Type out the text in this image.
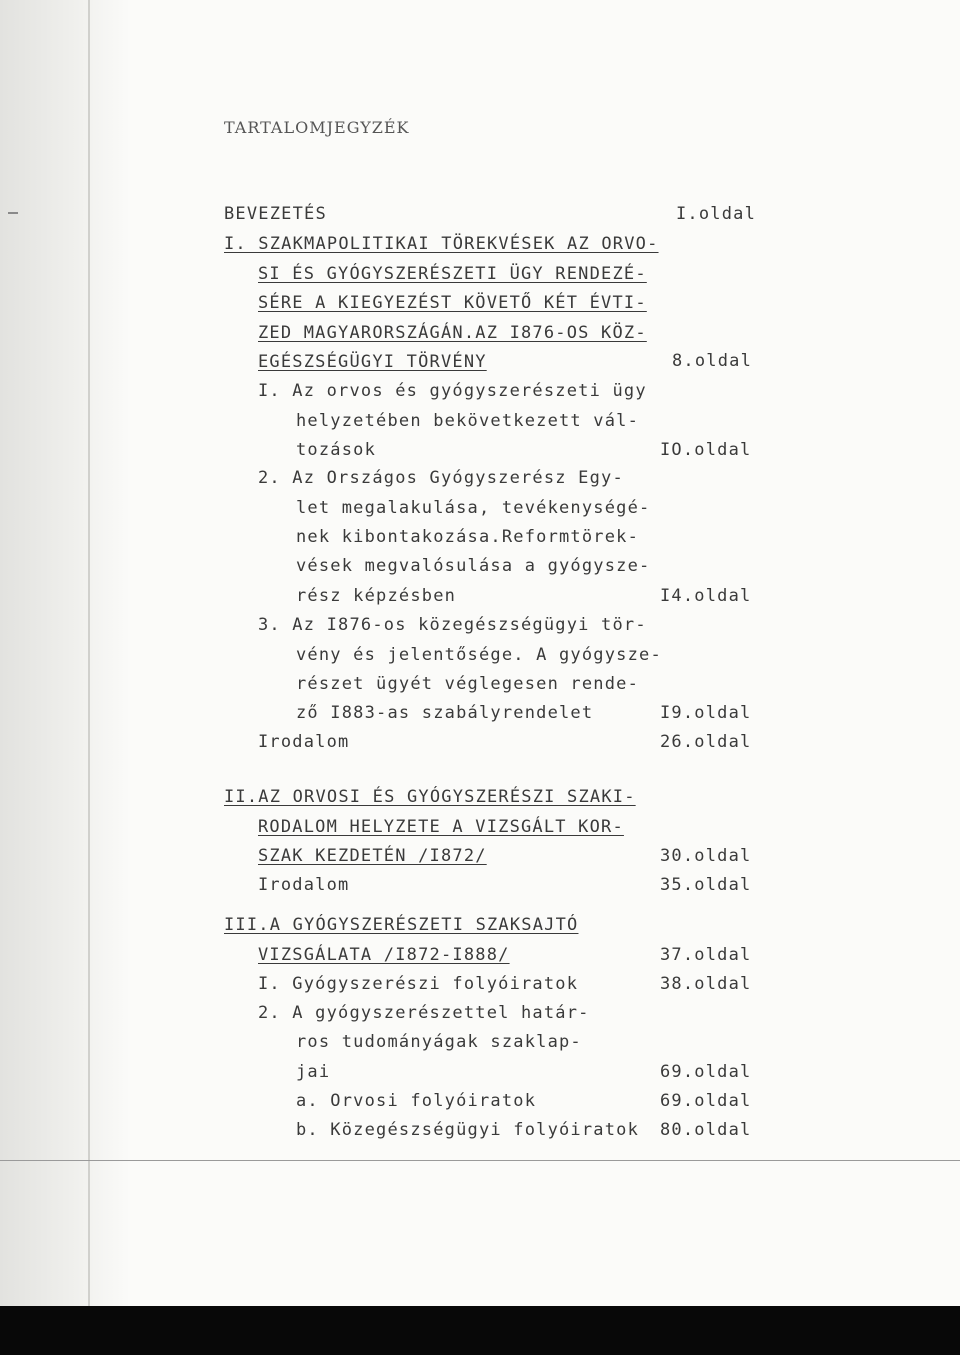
TARTALOMJEGYZÉK
BEVEZETÉS
I. SZAKMAPOLITIKAI TÖREKVÉSEK AZ ORVO-
SI ÉS GYÓGYSZERÉSZETI ÜGY RENDEZÉ-
SÉRE A KIEGYEZÉST KÖVETŐ KÉT ÉVTI-
ZED MAGYARORSZÁGÁN.AZ I876-OS KÖZ-
EGÉSZSÉGÜGYI TÖRVÉNY
I. Az orvos és gyógyszerészeti ügy
helyzetében bekövetkezett vál-
tozások
2. Az Országos Gyógyszerész Egy-
let megalakulása, tevékenységé-
nek kibontakozása.Reformtörek-
vések megvalósulása a gyógysze-
rész képzésben
3. Az I876-os közegészségügyi tör-
vény és jelentősége. A gyógysze-
részet ügyét véglegesen rende-
ző I883-as szabályrendelet
Irodalom
II.AZ ORVOSI ÉS GYÓGYSZERÉSZI SZAKI-
RODALOM HELYZETE A VIZSGÁLT KOR-
SZAK KEZDETÉN /I872/
Irodalom
III.A GYÓGYSZERÉSZETI SZAKSAJTÓ
VIZSGÁLATA /I872-I888/
I. Gyógyszerészi folyóiratok
2. A gyógyszerészettel határ-
ros tudományágak szaklap-
jai
a. Orvosi folyóiratok
b. Közegészségügyi folyóiratok
I.oldal
8.oldal
IO.oldal
I4.oldal
I9.oldal
26.oldal
30.oldal
35.oldal
37.oldal
38.oldal
69.oldal
69.oldal
80.oldal
